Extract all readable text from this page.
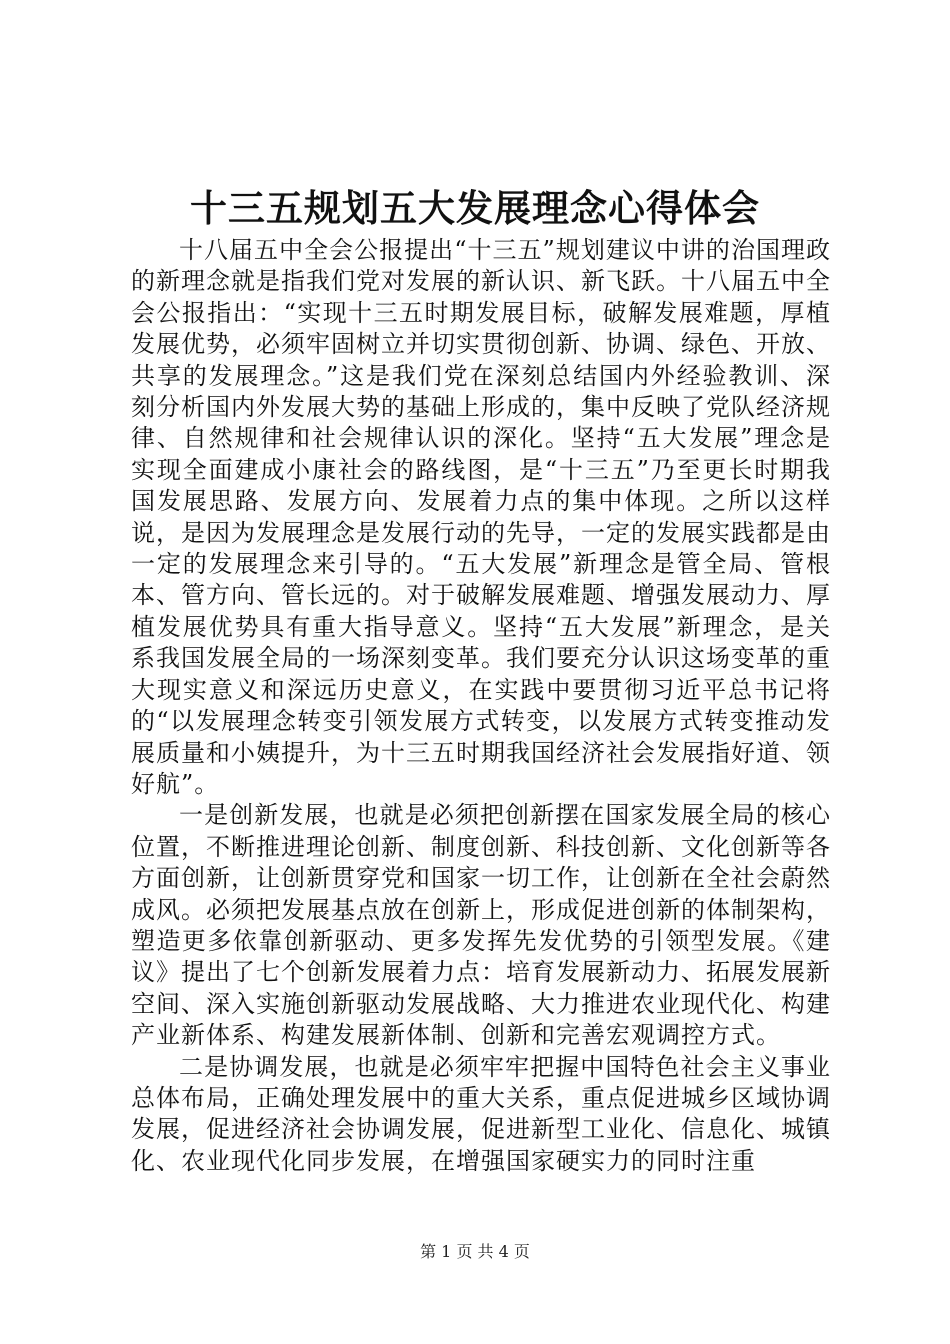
十三五规划五大发展理念心得体会

十八届五中全会公报提出“十三五”规划建议中讲的治国理政的新理念就是指我们党对发展的新认识、新飞跃。十八届五中全会公报指出：“实现十三五时期发展目标，破解发展难题，厚植发展优势，必须牢固树立并切实贯彻创新、协调、绿色、开放、共享的发展理念。”这是我们党在深刻总结国内外经验教训、深刻分析国内外发展大势的基础上形成的，集中反映了党队经济规律、自然规律和社会规律认识的深化。坚持“五大发展”理念是实现全面建成小康社会的路线图，是“十三五”乃至更长时期我国发展思路、发展方向、发展着力点的集中体现。之所以这样说，是因为发展理念是发展行动的先导，一定的发展实践都是由一定的发展理念来引导的。“五大发展”新理念是管全局、管根本、管方向、管长远的。对于破解发展难题、增强发展动力、厚植发展优势具有重大指导意义。坚持“五大发展”新理念，是关系我国发展全局的一场深刻变革。我们要充分认识这场变革的重大现实意义和深远历史意义，在实践中要贯彻习近平总书记将的“以发展理念转变引领发展方式转变，以发展方式转变推动发展质量和小姨提升，为十三五时期我国经济社会发展指好道、领好航”。

一是创新发展，也就是必须把创新摆在国家发展全局的核心位置，不断推进理论创新、制度创新、科技创新、文化创新等各方面创新，让创新贯穿党和国家一切工作，让创新在全社会蔚然成风。必须把发展基点放在创新上，形成促进创新的体制架构，塑造更多依靠创新驱动、更多发挥先发优势的引领型发展。《建议》提出了七个创新发展着力点：培育发展新动力、拓展发展新空间、深入实施创新驱动发展战略、大力推进农业现代化、构建产业新体系、构建发展新体制、创新和完善宏观调控方式。

二是协调发展，也就是必须牢牢把握中国特色社会主义事业总体布局，正确处理发展中的重大关系，重点促进城乡区域协调发展，促进经济社会协调发展，促进新型工业化、信息化、城镇化、农业现代化同步发展，在增强国家硬实力的同时注重

第 1 页 共 4 页
